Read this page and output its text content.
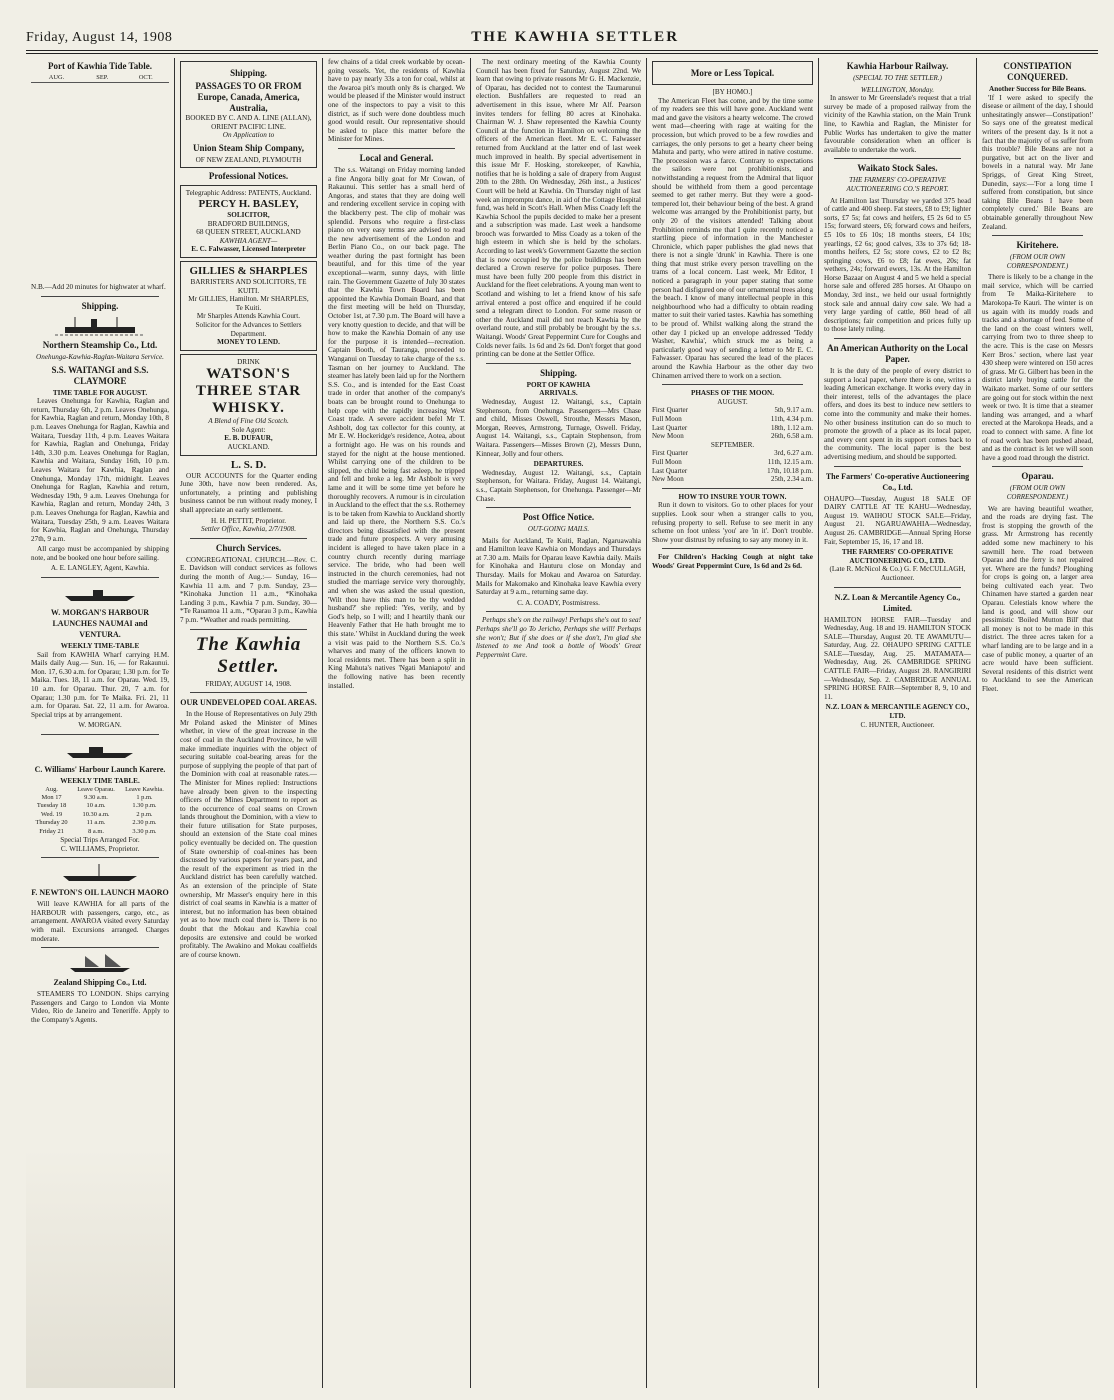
Friday, August 14, 1908	THE KAWHIA SETTLER
Port of Kawhia Tide Table.
AUG.	SEP.	OCT.

N.B.—Add 20 minutes for highwater at wharf.

Shipping.
Northern Steamship Co., Ltd.
Onehunga-Kawhia-Raglan-Waitara Service.
S.S. WAITANGI and S.S. CLAYMORE
TIME TABLE FOR AUGUST.

Leaves Onehunga for Kawhia, Raglan and return, Thursday 6th, 2 p.m. Leaves Onehunga, for Kawhia, Raglan and return, Monday 10th, 8 p.m. Leaves Onehunga for Raglan, Kawhia and Waitara, Tuesday 11th, 4 p.m. Leaves Waitara for Kawhia, Raglan and Onehunga, Friday 14th, 3.30 p.m. Leaves Onehunga for Raglan, Kawhia and Waitara, Sunday 16th, 10 p.m. Leaves Waitara for Kawhia, Raglan and Onehunga, Monday 17th, midnight. Leaves Onehunga for Raglan, Kawhia and return, Wednesday 19th, 9 a.m. Leaves Onehunga for Kawhia, Raglan and return, Monday 24th, 3 p.m. Leaves Onehunga for Raglan, Kawhia and Waitara, Tuesday 25th, 9 a.m. Leaves Waitara for Kawhia, Raglan and Onehunga, Thursday 27th, 9 a.m.

All cargo must be accompanied by shipping note, and be booked one hour before sailing.

A. E. LANGLEY, Agent, Kawhia.
W. MORGAN'S HARBOUR LAUNCHES NAUMAI and VENTURA.
WEEKLY TIME-TABLE

Sail from KAWHIA Wharf carrying H.M. Mails daily Aug.— Sun. 16, — for Rakaunui. Mon. 17, 6.30 a.m. for Oparau; 1.30 p.m. for Te Maika. Tues. 18, 11 a.m. for Oparau. Wed. 19, 10 a.m. for Oparau. Thur. 20, 7 a.m. for Oparau; 1.30 p.m. for Te Maika. Fri. 21, 11 a.m. for Oparau. Sat. 22, 11 a.m. for Awaroa. Special trips at by arrangement.

W. MORGAN.
C. Williams' Harbour Launch Karere.
WEEKLY TIME TABLE.
Aug.	Leave Oparau.	Leave Kawhia.
Mon 17	9.30 a.m.	1 p.m.
Tuesday 18	10 a.m.	1.30 p.m.
Wed. 19	10.30 a.m.	2 p.m.
Thursday 20	11 a.m.	2.30 p.m.
Friday 21	8 a.m.	3.30 p.m.
Special Trips Arranged For.
C. WILLIAMS, Proprietor.
F. NEWTON'S OIL LAUNCH MAORO

Will leave KAWHIA for all parts of the HARBOUR with passengers, cargo, etc., as arrangement. AWAROA visited every Saturday with mail. Excursions arranged. Charges moderate.

Zealand Shipping Co., Ltd.

STEAMERS TO LONDON. Ships carrying Passengers and Cargo to London via Monte Video, Rio de Janeiro and Teneriffe. Apply to the Company's Agents.

Shipping.
PASSAGES TO OR FROM Europe, Canada, America, Australia,
BOOKED BY C. AND A. LINE (ALLAN), ORIENT PACIFIC LINE.
On Application to
Union Steam Ship Company,
OF NEW ZEALAND, PLYMOUTH
Professional Notices.
Telegraphic Address: PATENTS, Auckland.
PERCY H. BASLEY,
SOLICITOR,
BRADFORD BUILDINGS,
68 QUEEN STREET, AUCKLAND
KAWHIA AGENT—
E. C. Falwasser, Licensed Interpreter
GILLIES & SHARPLES
BARRISTERS AND SOLICITORS, TE KUITI.
Mr GILLIES, Hamilton. Mr SHARPLES, Te Kuiti.
Mr Sharples Attends Kawhia Court.
Solicitor for the Advances to Settlers Department.
MONEY TO LEND.
DRINK
WATSON'S
THREE STAR
WHISKY.
A Blend of Fine Old Scotch.
Sole Agent:
E. B. DUFAUR,
AUCKLAND.
L. S. D.

OUR ACCOUNTS for the Quarter ending June 30th, have now been rendered. As, unfortunately, a printing and publishing business cannot be run without ready money, I shall appreciate an early settlement.

H. H. PETTIT, Proprietor.
Settler Office, Kawhia, 2/7/1908.
Church Services.

CONGREGATIONAL CHURCH.—Rev. C. E. Davidson will conduct services as follows during the month of Aug.:— Sunday, 16—Kawhia 11 a.m. and 7 p.m. Sunday, 23—*Kinohaka Junction 11 a.m., *Kinohaka Landing 3 p.m., Kawhia 7 p.m. Sunday, 30—*Te Rauamoa 11 a.m., *Oparau 3 p.m., Kawhia 7 p.m. *Weather and roads permitting.

The Kawhia Settler.
FRIDAY, AUGUST 14, 1908.
OUR UNDEVELOPED COAL AREAS.

In the House of Representatives on July 29th Mr Poland asked the Minister of Mines whether, in view of the great increase in the cost of coal in the Auckland Province, he will make immediate inquiries with the object of securing suitable coal-bearing areas for the purpose of supplying the people of that part of the Dominion with coal at reasonable rates.—The Minister for Mines replied: Instructions have already been given to the inspecting officers of the Mines Department to report as to the occurrence of coal seams on Crown lands throughout the Dominion, with a view to their future utilisation for State purposes, should an extension of the State coal mines policy eventually be decided on. The question of State ownership of coal-mines has been discussed by various papers for years past, and the result of the experiment as tried in the Auckland district has been carefully watched. As an extension of the principle of State ownership, Mr Masser's enquiry here in this district of coal seams in Kawhia is a matter of interest, but no information has been obtained yet as to how much coal there is. There is no doubt that the Mokau and Kawhia coal deposits are extensive and could be worked profitably. The Awakino and Mokau coalfields are of course known.

few chains of a tidal creek workable by ocean-going vessels. Yet, the residents of Kawhia have to pay nearly 33s a ton for coal, whilst at the Awaroa pit's mouth only 8s is charged. We would be pleased if the Minister would instruct one of the inspectors to pay a visit to this district, as if such were done doubtless much good would result. Our representative should be asked to place this matter before the Minister for Mines.

Local and General.

The s.s. Waitangi on Friday morning landed a fine Angora billy goat for Mr Cowan, of Rakaunui. This settler has a small herd of Angoras, and states that they are doing well and rendering excellent service in coping with the blackberry pest. The clip of mohair was splendid. Persons who require a first-class piano on very easy terms are advised to read the new advertisement of the London and Berlin Piano Co., on our back page. The weather during the past fortnight has been beautiful, and for this time of the year exceptional—warm, sunny days, with little rain. The Government Gazette of July 30 states that the Kawhia Town Board has been appointed the Kawhia Domain Board, and that the first meeting will be held on Thursday, October 1st, at 7.30 p.m. The Board will have a very knotty question to decide, and that will be how to make the Kawhia Domain of any use for the purpose it is intended—recreation. Captain Booth, of Tauranga, proceeded to Wanganui on Tuesday to take charge of the s.s. Tasman on her journey to Auckland. The steamer has lately been laid up for the Northern S.S. Co., and is intended for the East Coast trade in order that another of the company's boats can be brought round to Onehunga to help cope with the rapidly increasing West Coast trade. A severe accident befel Mr T. Ashbolt, dog tax collector for this county, at Mr E. W. Hockeridge's residence, Aotea, about a fortnight ago. He was on his rounds and stayed for the night at the house mentioned. Whilst carrying one of the children to be slipped, the child being fast asleep, he tripped and fell and broke a leg. Mr Ashbolt is very lame and it will be some time yet before he thoroughly recovers. A rumour is in circulation in Auckland to the effect that the s.s. Rotherney is to be taken from Kawhia to Auckland shortly and laid up there, the Northern S.S. Co.'s directors being dissatisfied with the present trade and future prospects. A very amusing incident is alleged to have taken place in a country church recently during marriage service. The bride, who had been well instructed in the church ceremonies, had not studied the marriage service very thoroughly, and when she was asked the usual question, 'Wilt thou have this man to be thy wedded husband?' she replied: 'Yes, verily, and by God's help, so I will; and I heartily thank our Heavenly Father that He hath brought me to this state.' Whilst in Auckland during the week a visit was paid to the Northern S.S. Co.'s wharves and many of the officers known to local residents met. There has been a split in King Mahuta's natives 'Ngati Maniapoto' and the following native has been recently installed.

The next ordinary meeting of the Kawhia County Council has been fixed for Saturday, August 22nd. We learn that owing to private reasons Mr G. H. Mackenzie, of Oparau, has decided not to contest the Taumarunui election. Bushfallers are requested to read an advertisement in this issue, where Mr Alf. Pearson invites tenders for felling 80 acres at Kinohaka. Chairman W. J. Shaw represented the Kawhia County Council at the function in Hamilton on welcoming the officers of the American fleet. Mr E. C. Falwasser returned from Auckland at the latter end of last week much improved in health. By special advertisement in this issue Mr F. Hosking, storekeeper, of Kawhia, notifies that he is holding a sale of drapery from August 20th to the 28th. On Wednesday, 26th inst., a Justices' Court will be held at Kawhia. On Thursday night of last week an impromptu dance, in aid of the Cottage Hospital fund, was held in Scott's Hall. When Miss Coady left the Kawhia School the pupils decided to make her a present and a subscription was made. Last week a handsome brooch was forwarded to Miss Coady as a token of the high esteem in which she is held by the scholars. According to last week's Government Gazette the section that is now occupied by the police buildings has been declared a Crown reserve for police purposes. There must have been fully 200 people from this district in Auckland for the fleet celebrations. A young man went to Scotland and wishing to let a friend know of his safe arrival entered a post office and enquired if he could send a telegram direct to London. For some reason or other the Auckland mail did not reach Kawhia by the overland route, and still probably be brought by the s.s. Waitangi. Woods' Great Peppermint Cure for Coughs and Colds never fails. 1s 6d and 2s 6d. Don't forget that good printing can be done at the Settler Office.

Shipping.
PORT OF KAWHIA
ARRIVALS.

Wednesday, August 12. Waitangi, s.s., Captain Stephenson, from Onehunga. Passengers—Mrs Chase and child, Misses Oswell, Strouthe, Messrs Mason, Morgan, Reeves, Armstrong, Turnage, Oswell. Friday, August 14. Waitangi, s.s., Captain Stephenson, from Waitara. Passengers—Misses Brown (2), Messrs Dunn, Kinnear, Jolly and four others.

DEPARTURES.

Wednesday, August 12. Waitangi, s.s., Captain Stephenson, for Waitara. Friday, August 14. Waitangi, s.s., Captain Stephenson, for Onehunga. Passenger—Mr Chase.

Post Office Notice.
OUT-GOING MAILS.

Mails for Auckland, Te Kuiti, Raglan, Ngaruawahia and Hamilton leave Kawhia on Mondays and Thursdays at 7.30 a.m. Mails for Oparau leave Kawhia daily. Mails for Kinohaka and Hauturu close on Monday and Thursday. Mails for Mokau and Awaroa on Saturday. Mails for Makomako and Kinohaka leave Kawhia every Saturday at 9 a.m., returning same day.

C. A. COADY, Postmistress.

Perhaps she's on the railway! Perhaps she's out to sea! Perhaps she'll go To Jericho, Perhaps she will! Perhaps she won't; But if she does or if she don't, I'm glad she listened to me And took a bottle of Woods' Great Peppermint Cure.

More or Less Topical.
[BY HOMO.]

The American Fleet has come, and by the time some of my readers see this will have gone. Auckland went mad and gave the visitors a hearty welcome. The crowd went mad—cheering with rage at waiting for the procession, but which proved to be a few rowdies and carriages, the only persons to get a hearty cheer being Mahuta and party, who were attired in native costume. The procession was a farce. Contrary to expectations the sailors were not prohibitionists, and notwithstanding a request from the Admiral that liquor should be withheld from them a good percentage seemed to get rather merry. But they were a good-tempered lot, their behaviour being of the best. A grand welcome was arranged by the Prohibitionist party, but only 20 of the visitors attended! Talking about Prohibition reminds me that I quite recently noticed a startling piece of information in the Manchester Chronicle, which paper publishes the glad news that there is not a single 'drunk' in Kawhia. There is one thing that must strike every person travelling on the trams of a local concern. Last week, Mr Editor, I noticed a paragraph in your paper stating that some person had disfigured one of our ornamental trees along the beach. I know of many intellectual people in this neighbourhood who had a difficulty to obtain reading matter to suit their varied tastes. Kawhia has something to be proud of. Whilst walking along the strand the other day I picked up an envelope addressed 'Teddy Washer, Kawhia', which struck me as being a particularly good way of sending a letter to Mr E. C. Falwasser. Oparau has secured the lead of the places around the Kawhia Harbour as the other day two Chinamen arrived there to work on a section.

PHASES OF THE MOON.
AUGUST.
First Quarter	5th, 9.17 a.m.
Full Moon	11th, 4.34 p.m.
Last Quarter	18th, 1.12 a.m.
New Moon	26th, 6.58 a.m.
SEPTEMBER.
First Quarter	3rd, 6.27 a.m.
Full Moon	11th, 12.15 a.m.
Last Quarter	17th, 10.18 p.m.
New Moon	25th, 2.34 a.m.
HOW TO INSURE YOUR TOWN.

Run it down to visitors. Go to other places for your supplies. Look sour when a stranger calls to you, refusing property to sell. Refuse to see merit in any scheme on foot unless 'you' are 'in it'. Don't trouble. Show your distrust by refusing to say any money in it.

For Children's Hacking Cough at night take Woods' Great Peppermint Cure, 1s 6d and 2s 6d.

Kawhia Harbour Railway.
(SPECIAL TO THE SETTLER.)
WELLINGTON, Monday.

In answer to Mr Greenslade's request that a trial survey be made of a proposed railway from the vicinity of the Kawhia station, on the Main Trunk line, to Kawhia and Raglan, the Minister for Public Works has undertaken to give the matter favourable consideration when an officer is available to undertake the work.

Waikato Stock Sales.
THE FARMERS' CO-OPERATIVE AUCTIONEERING CO.'S REPORT.

At Hamilton last Thursday we yarded 375 head of cattle and 400 sheep. Fat steers, £8 to £9; lighter sorts, £7 5s; fat cows and heifers, £5 2s 6d to £5 15s; forward steers, £6; forward cows and heifers, £5 10s to £6 10s; 18 months steers, £4 10s; yearlings, £2 6s; good calves, 33s to 37s 6d; 18-months heifers, £2 5s; store cows, £2 to £2 8s; springing cows, £6 to £8; fat ewes, 20s; fat wethers, 24s; forward ewers, 13s. At the Hamilton Horse Bazaar on August 4 and 5 we held a special horse sale and offered 285 horses. At Ohaupo on Monday, 3rd inst., we held our usual fortnightly stock sale and annual dairy cow sale. We had a very large yarding of cattle, 860 head of all descriptions; fair competition and prices fully up to those lately ruling.

An American Authority on the Local Paper.

It is the duty of the people of every district to support a local paper, where there is one, writes a leading American exchange. It works every day in their interest, tells of the advantages the place offers, and does its best to induce new settlers to come into the community and make their homes. No other business institution can do so much to promote the growth of a place as its local paper, and every cent spent in its support comes back to the community. The local paper is the best advertising medium, and should be supported.

The Farmers' Co-operative Auctioneering Co., Ltd.

OHAUPO—Tuesday, August 18 SALE OF DAIRY CATTLE AT TE KAHU—Wednesday, August 19. WAIHOU STOCK SALE—Friday, August 21. NGARUAWAHIA—Wednesday, August 26. CAMBRIDGE—Annual Spring Horse Fair, September 15, 16, 17 and 18.

THE FARMERS' CO-OPERATIVE AUCTIONEERING CO., LTD.
(Late R. McNicol & Co.) G. F. McCULLAGH, Auctioneer.
N.Z. Loan & Mercantile Agency Co., Limited.

HAMILTON HORSE FAIR—Tuesday and Wednesday, Aug. 18 and 19. HAMILTON STOCK SALE—Thursday, August 20. TE AWAMUTU—Saturday, Aug. 22. OHAUPO SPRING CATTLE SALE—Tuesday, Aug. 25. MATAMATA—Wednesday, Aug. 26. CAMBRIDGE SPRING CATTLE FAIR—Friday, August 28. RANGIRIRI—Wednesday, Sep. 2. CAMBRIDGE ANNUAL SPRING HORSE FAIR—September 8, 9, 10 and 11.

N.Z. LOAN & MERCANTILE AGENCY CO., LTD.
C. HUNTER, Auctioneer.
CONSTIPATION CONQUERED.
Another Success for Bile Beans.

'If I were asked to specify the disease or ailment of the day, I should unhesitatingly answer—Constipation!' So says one of the greatest medical writers of the present day. Is it not a fact that the majority of us suffer from this trouble? Bile Beans are not a purgative, but act on the liver and bowels in a natural way. Mr Jane Spriggs, of Great King Street, Dunedin, says:—'For a long time I suffered from constipation, but since taking Bile Beans I have been completely cured.' Bile Beans are obtainable generally throughout New Zealand.

Kiritehere.
(FROM OUR OWN CORRESPONDENT.)

There is likely to be a change in the mail service, which will be carried from Te Maika-Kiritehere to Marokopa-Te Kauri. The winter is on us again with its muddy roads and tracks and a shortage of feed. Some of the land on the coast winters well, carrying from two to three sheep to the acre. This is the case on Messrs Kerr Bros.' section, where last year 430 sheep were wintered on 150 acres of grass. Mr G. Gilbert has been in the district lately buying cattle for the Waikato market. Some of our settlers are going out for stock within the next week or two. It is time that a steamer landing was arranged, and a wharf erected at the Marokopa Heads, and a road to connect with same. A fine lot of road work has been pushed ahead, and as the contract is let we will soon have a good road through the district.

Oparau.
(FROM OUR OWN CORRESPONDENT.)

We are having beautiful weather, and the roads are drying fast. The frost is stopping the growth of the grass. Mr Armstrong has recently added some new machinery to his sawmill here. The road between Oparau and the ferry is not repaired yet. Where are the funds? Ploughing for crops is going on, a larger area being cultivated each year. Two Chinamen have started a garden near Oparau. Celestials know where the land is good, and will show our pessimistic 'Boiled Mutton Bill' that all money is not to be made in this district. The three acres taken for a wharf landing are to be large and in a case of public money, a quarter of an acre would have been sufficient. Several residents of this district went to Auckland to see the American Fleet.
